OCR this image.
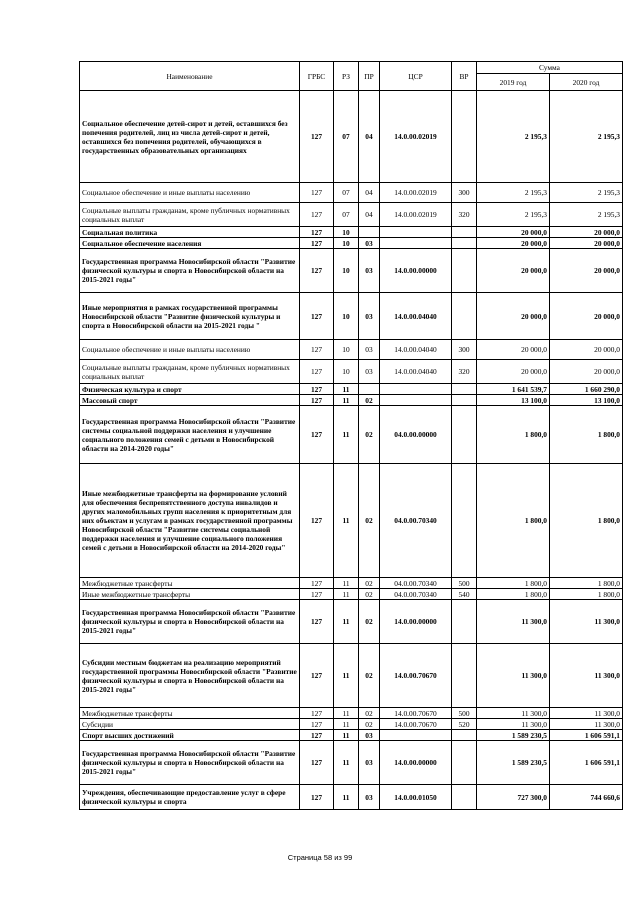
Наименование	ГРБС	РЗ	ПР	ЦСР	ВР	Сумма	
						2019 год	2020 год
Социальное обеспечение детей-сирот и детей, оставшихся без попечения родителей, лиц из числа детей-сирот и детей, оставшихся без попечения родителей, обучающихся в государственных образовательных организациях	127	07	04	14.0.00.02019		2 195,3	2 195,3
Социальное обеспечение и иные выплаты населению	127	07	04	14.0.00.02019	300	2 195,3	2 195,3
Социальные выплаты гражданам, кроме публичных нормативных социальных выплат	127	07	04	14.0.00.02019	320	2 195,3	2 195,3
Социальная политика	127	10				20 000,0	20 000,0
Социальное обеспечение населения	127	10	03			20 000,0	20 000,0
Государственная программа Новосибирской области "Развитие физической культуры и спорта в Новосибирской области на 2015-2021 годы"	127	10	03	14.0.00.00000		20 000,0	20 000,0
Иные мероприятия в рамках государственной программы Новосибирской области "Развитие физической культуры и спорта в Новосибирской области на 2015-2021 годы "	127	10	03	14.0.00.04040		20 000,0	20 000,0
Социальное обеспечение и иные выплаты населению	127	10	03	14.0.00.04040	300	20 000,0	20 000,0
Социальные выплаты гражданам, кроме публичных нормативных социальных выплат	127	10	03	14.0.00.04040	320	20 000,0	20 000,0
Физическая культура и спорт	127	11				1 641 539,7	1 660 290,0
Массовый спорт	127	11	02			13 100,0	13 100,0
Государственная программа Новосибирской области "Развитие системы социальной поддержки населения и улучшение социального положения семей с детьми в Новосибирской области на 2014-2020 годы"	127	11	02	04.0.00.00000		1 800,0	1 800,0
Иные межбюджетные трансферты на формирование условий для обеспечения беспрепятственного доступа инвалидов и других маломобильных групп населения к приоритетным для них объектам и услугам в рамках государственной программы Новосибирской области "Развитие системы социальной поддержки населения и улучшение социального положения семей с детьми в Новосибирской области на 2014-2020 годы"	127	11	02	04.0.00.70340		1 800,0	1 800,0
Межбюджетные трансферты	127	11	02	04.0.00.70340	500	1 800,0	1 800,0
Иные межбюджетные трансферты	127	11	02	04.0.00.70340	540	1 800,0	1 800,0
Государственная программа Новосибирской области "Развитие физической культуры и спорта в Новосибирской области на 2015-2021 годы"	127	11	02	14.0.00.00000		11 300,0	11 300,0
Субсидии местным бюджетам на реализацию мероприятий государственной программы Новосибирской области "Развитие физической культуры и спорта в Новосибирской области на 2015-2021 годы"	127	11	02	14.0.00.70670		11 300,0	11 300,0
Межбюджетные трансферты	127	11	02	14.0.00.70670	500	11 300,0	11 300,0
Субсидии	127	11	02	14.0.00.70670	520	11 300,0	11 300,0
Спорт высших достижений	127	11	03			1 589 230,5	1 606 591,1
Государственная программа Новосибирской области "Развитие физической культуры и спорта в Новосибирской области на 2015-2021 годы"	127	11	03	14.0.00.00000		1 589 230,5	1 606 591,1
Учреждения, обеспечивающие предоставление услуг в сфере физической культуры и спорта	127	11	03	14.0.00.01050		727 300,0	744 660,6
Страница 58 из 99
